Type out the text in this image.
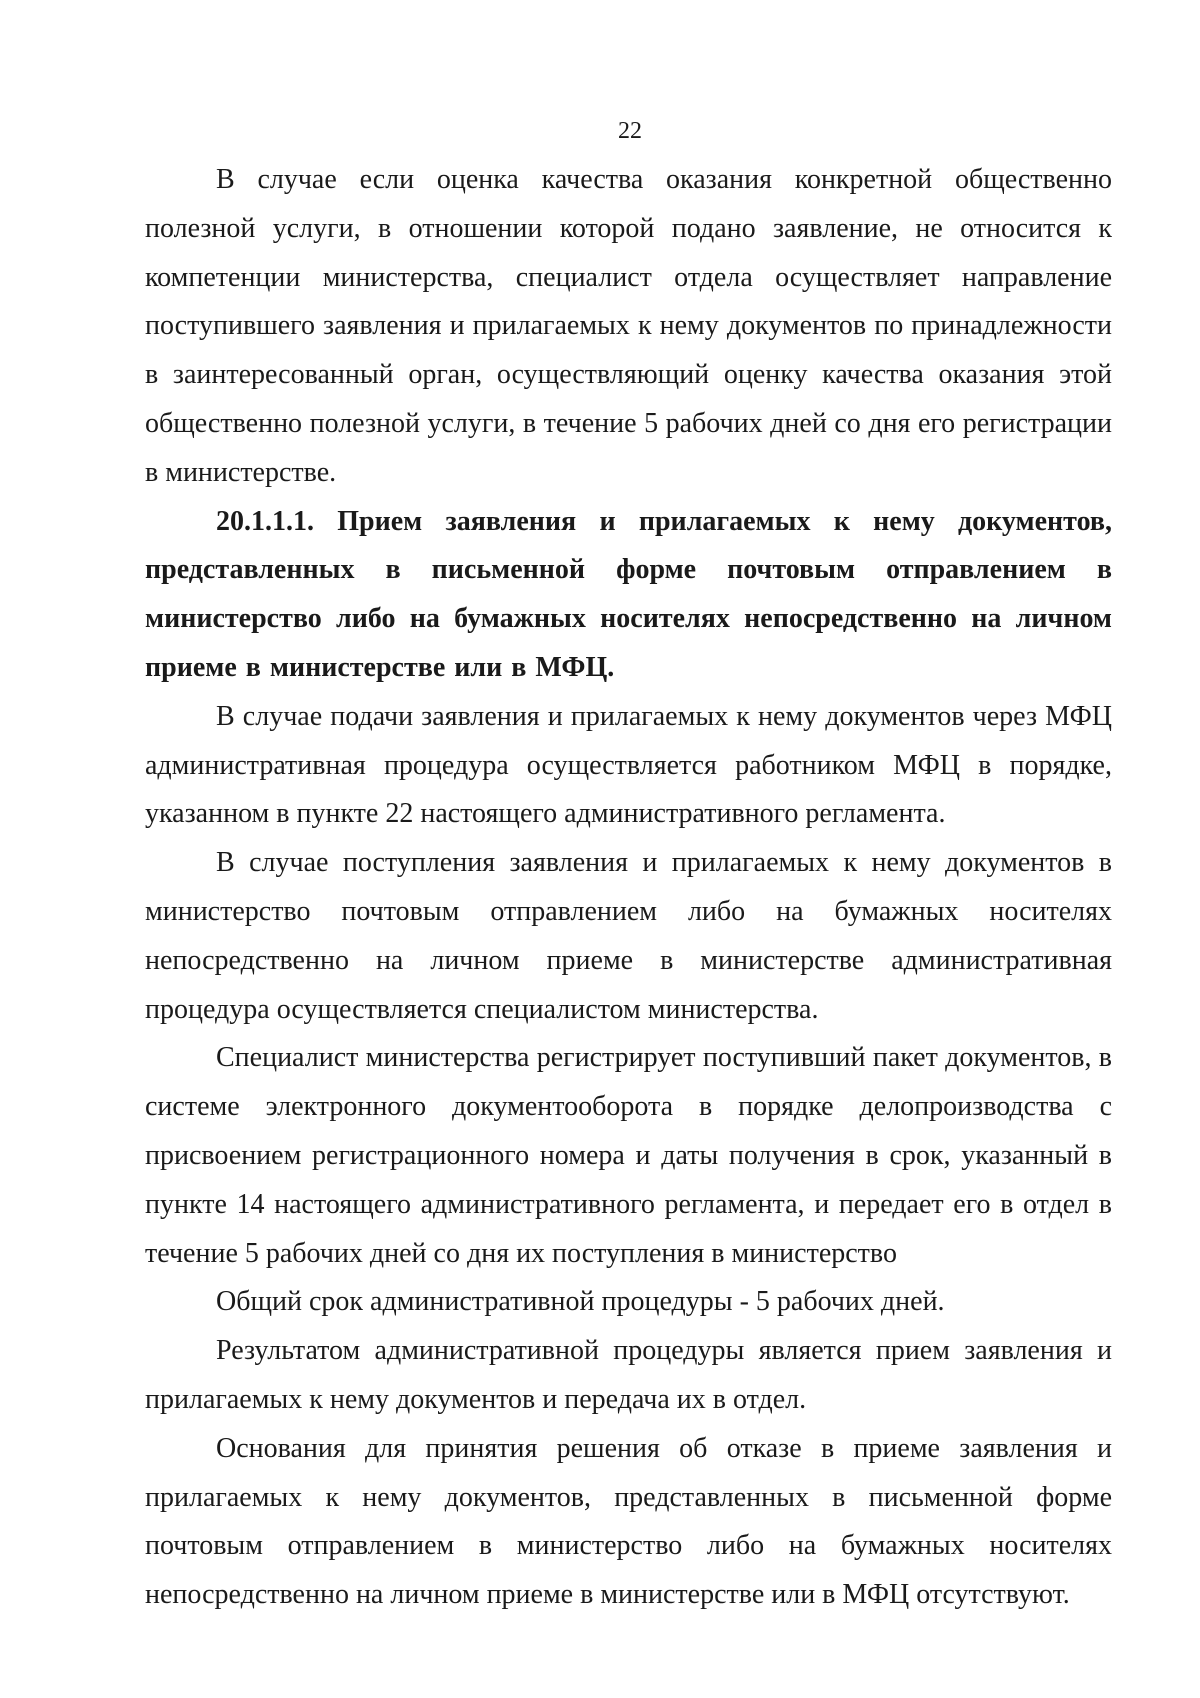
22

В случае если оценка качества оказания конкретной общественно полезной услуги, в отношении которой подано заявление, не относится к компетенции министерства, специалист отдела осуществляет направление поступившего заявления и прилагаемых к нему документов по принадлежности в заинтересованный орган, осуществляющий оценку качества оказания этой общественно полезной услуги, в течение 5 рабочих дней со дня его регистрации в министерстве.

20.1.1.1. Прием заявления и прилагаемых к нему документов, представленных в письменной форме почтовым отправлением в министерство либо на бумажных носителях непосредственно на личном приеме в министерстве или в МФЦ.

В случае подачи заявления и прилагаемых к нему документов через МФЦ административная процедура осуществляется работником МФЦ в порядке, указанном в пункте 22 настоящего административного регламента.

В случае поступления заявления и прилагаемых к нему документов в министерство почтовым отправлением либо на бумажных носителях непосредственно на личном приеме в министерстве административная процедура осуществляется специалистом министерства.

Специалист министерства регистрирует поступивший пакет документов, в системе электронного документооборота в порядке делопроизводства с присвоением регистрационного номера и даты получения в срок, указанный в пункте 14 настоящего административного регламента, и передает его в отдел в течение 5 рабочих дней со дня их поступления в министерство

Общий срок административной процедуры - 5 рабочих дней.

Результатом административной процедуры является прием заявления и прилагаемых к нему документов и передача их в отдел.

Основания для принятия решения об отказе в приеме заявления и прилагаемых к нему документов, представленных в письменной форме почтовым отправлением в министерство либо на бумажных носителях непосредственно на личном приеме в министерстве или в МФЦ отсутствуют.
